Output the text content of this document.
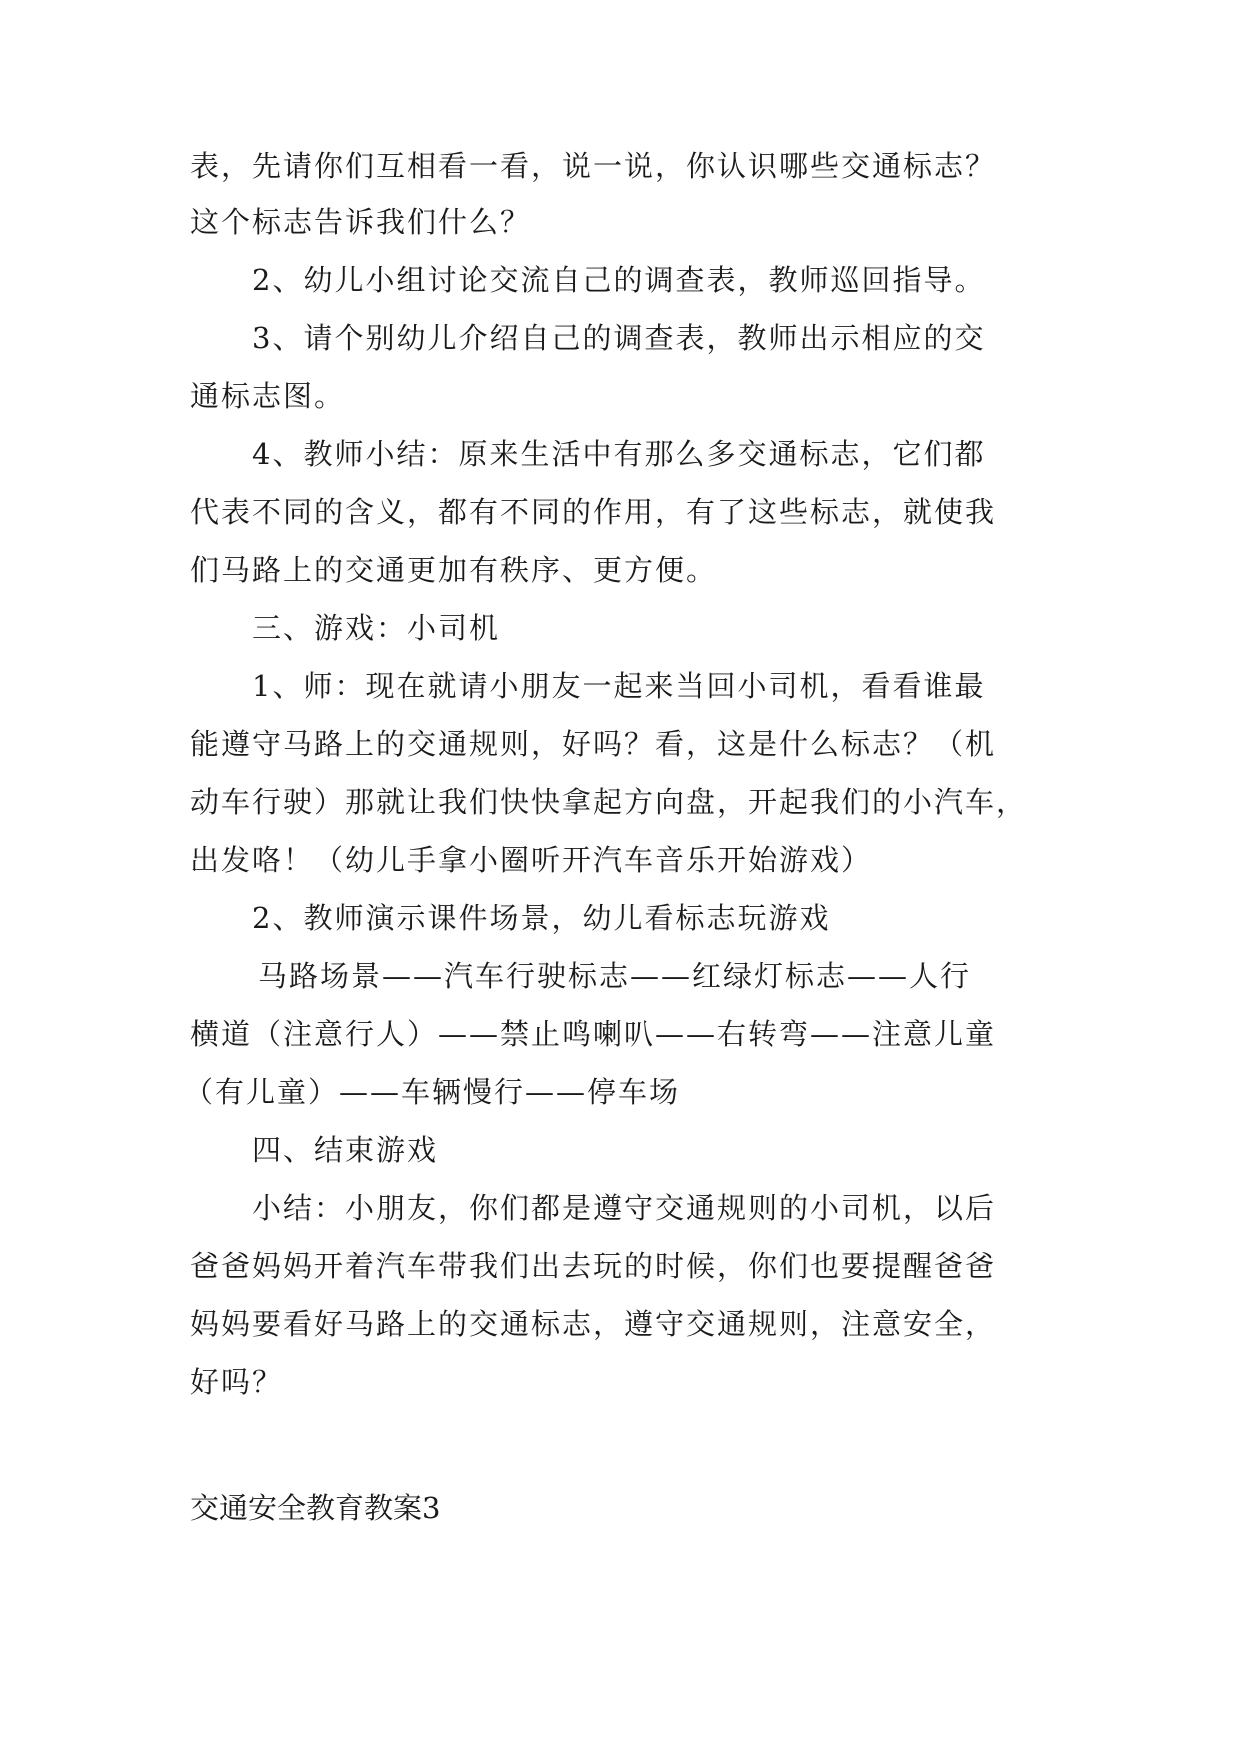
表，先请你们互相看一看，说一说，你认识哪些交通标志？
这个标志告诉我们什么？
2、幼儿小组讨论交流自己的调查表，教师巡回指导。
3、请个别幼儿介绍自己的调查表，教师出示相应的交
通标志图。
4、教师小结：原来生活中有那么多交通标志，它们都
代表不同的含义，都有不同的作用，有了这些标志，就使我
们马路上的交通更加有秩序、更方便。
三、游戏：小司机
1、师：现在就请小朋友一起来当回小司机，看看谁最
能遵守马路上的交通规则，好吗？看，这是什么标志？（机
动车行驶）那就让我们快快拿起方向盘，开起我们的小汽车，
出发咯！（幼儿手拿小圈听开汽车音乐开始游戏）
2、教师演示课件场景，幼儿看标志玩游戏
马路场景——汽车行驶标志——红绿灯标志——人行
横道（注意行人）——禁止鸣喇叭——右转弯——注意儿童
（有儿童）——车辆慢行——停车场
四、结束游戏
小结：小朋友，你们都是遵守交通规则的小司机，以后
爸爸妈妈开着汽车带我们出去玩的时候，你们也要提醒爸爸
妈妈要看好马路上的交通标志，遵守交通规则，注意安全，
好吗？
交通安全教育教案3
